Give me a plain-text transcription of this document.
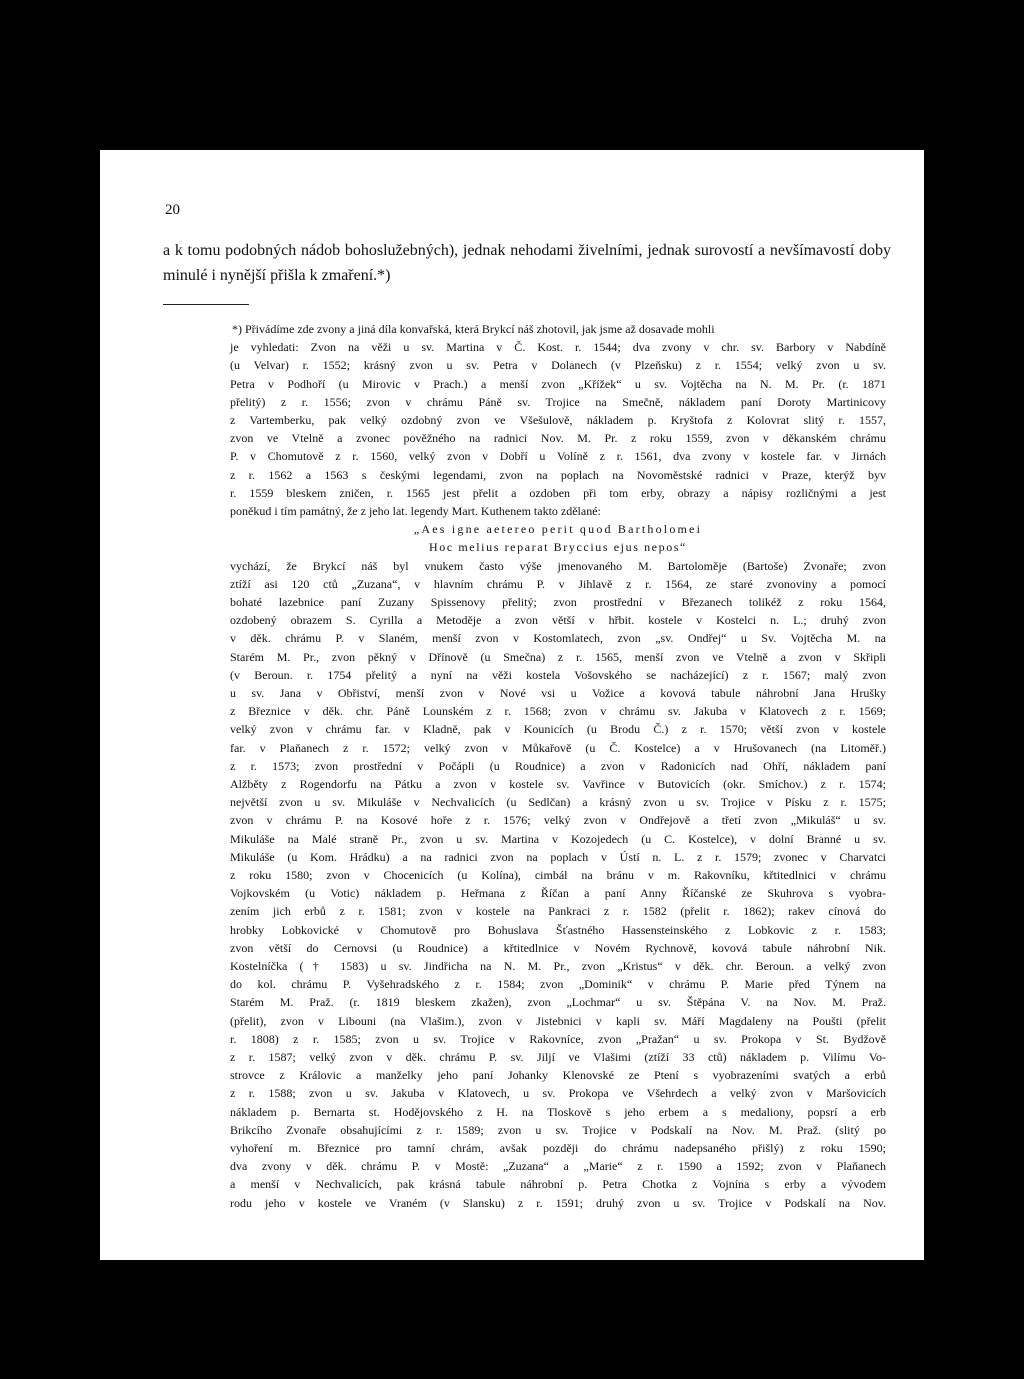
20
a k tomu podobných nádob bohoslužebných), jednak nehodami živelními, jednak surovostí a nevšímavostí doby minulé i nynější přišla k zmaření.*)
*) Přivádíme zde zvony a jiná díla konvařská, která Brykcí náš zhotovil, jak jsme až dosavade mohli
je vyhledati: Zvon na věži u sv. Martina v Č. Kost. r. 1544; dva zvony v chr. sv. Barbory v Nabdíně
(u Velvar) r. 1552; krásný zvon u sv. Petra v Dolanech (v Plzeňsku) z r. 1554; velký zvon u sv.
Petra v Podhoří (u Mirovic v Prach.) a menší zvon „Křížek“ u sv. Vojtěcha na N. M. Pr. (r. 1871
přelitý) z r. 1556; zvon v chrámu Páně sv. Trojice na Smečně, nákladem paní Doroty Martinicovy
z Vartemberku, pak velký ozdobný zvon ve Všešulově, nákladem p. Kryštofa z Kolovrat slitý r. 1557,
zvon ve Vtelně a zvonec pověžného na radnici Nov. M. Pr. z roku 1559, zvon v děkanském chrámu
P. v Chomutově z r. 1560, velký zvon v Dobří u Volíně z r. 1561, dva zvony v kostele far. v Jirnách
z r. 1562 a 1563 s českými legendami, zvon na poplach na Novoměstské radnici v Praze, kterýž byv
r. 1559 bleskem zničen, r. 1565 jest přelit a ozdoben při tom erby, obrazy a nápisy rozličnými a jest
poněkud i tím památný, že z jeho lat. legendy Mart. Kuthenem takto zdělané:
„Aes igne aetereo perit quod Bartholomei
Hoc melius reparat Bryccius ejus nepos“
vychází, že Brykcí náš byl vnukem často výše jmenovaného M. Bartoloměje (Bartoše) Zvonaře; zvon
ztíží asi 120 ctů „Zuzana“, v hlavním chrámu P. v Jihlavě z r. 1564, ze staré zvonoviny a pomocí
bohaté lazebnice paní Zuzany Spissenovy přelitý; zvon prostřední v Březanech tolikéž z roku 1564,
ozdobený obrazem S. Cyrilla a Metoděje a zvon větší v hřbit. kostele v Kostelci n. L.; druhý zvon
v děk. chrámu P. v Slaném, menší zvon v Kostomlatech, zvon „sv. Ondřej“ u Sv. Vojtěcha M. na
Starém M. Pr., zvon pěkný v Dřínově (u Smečna) z r. 1565, menší zvon ve Vtelně a zvon v Skřipli
(v Beroun. r. 1754 přelitý a nyní na věži kostela Vošovského se nacházející) z r. 1567; malý zvon
u sv. Jana v Obřiství, menší zvon v Nové vsi u Vožice a kovová tabule náhrobní Jana Hrušky
z Březnice v děk. chr. Páně Lounském z r. 1568; zvon v chrámu sv. Jakuba v Klatovech z r. 1569;
velký zvon v chrámu far. v Kladně, pak v Kounicích (u Brodu Č.) z r. 1570; větší zvon v kostele
far. v Plaňanech z r. 1572; velký zvon v Můkařově (u Č. Kostelce) a v Hrušovanech (na Litoměř.)
z r. 1573; zvon prostřední v Počápli (u Roudnice) a zvon v Radonicích nad Ohří, nákladem paní
Alžběty z Rogendorfu na Pátku a zvon v kostele sv. Vavřince v Butovicích (okr. Smíchov.) z r. 1574;
největší zvon u sv. Mikuláše v Nechvalicích (u Sedlčan) a krásný zvon u sv. Trojice v Písku z r. 1575;
zvon v chrámu P. na Kosové hoře z r. 1576; velký zvon v Ondřejově a třetí zvon „Mikuláš“ u sv.
Mikuláše na Malé straně Pr., zvon u sv. Martina v Kozojedech (u C. Kostelce), v dolní Branné u sv.
Mikuláše (u Kom. Hrádku) a na radnici zvon na poplach v Ústí n. L. z r. 1579; zvonec v Charvatci
z roku 1580; zvon v Chocenicích (u Kolína), cimbál na bránu v m. Rakovníku, křtitedlnici v chrámu
Vojkovském (u Votic) nákladem p. Heřmana z Říčan a paní Anny Říčanské ze Skuhrova s vyobra-
zením jich erbů z r. 1581; zvon v kostele na Pankraci z r. 1582 (přelit r. 1862); rakev cínová do
hrobky Lobkovické v Chomutově pro Bohuslava Šťastného Hassensteinského z Lobkovic z r. 1583;
zvon větší do Cernovsi (u Roudnice) a křtitedlnice v Novém Rychnově, kovová tabule náhrobní Nik.
Kostelníčka († 1583) u sv. Jindřicha na N. M. Pr., zvon „Kristus“ v děk. chr. Beroun. a velký zvon
do kol. chrámu P. Vyšehradského z r. 1584; zvon „Dominik“ v chrámu P. Marie před Týnem na
Starém M. Praž. (r. 1819 bleskem zkažen), zvon „Lochmar“ u sv. Štěpána V. na Nov. M. Praž.
(přelit), zvon v Libouni (na Vlašim.), zvon v Jistebnici v kapli sv. Máří Magdaleny na Poušti (přelit
r. 1808) z r. 1585; zvon u sv. Trojice v Rakovníce, zvon „Pražan“ u sv. Prokopa v St. Bydžově
z r. 1587; velký zvon v děk. chrámu P. sv. Jiljí ve Vlašimi (ztíží 33 ctů) nákladem p. Vilímu Vo-
strovce z Královic a manželky jeho paní Johanky Klenovské ze Ptení s vyobrazeními svatých a erbů
z r. 1588; zvon u sv. Jakuba v Klatovech, u sv. Prokopa ve Všehrdech a velký zvon v Maršovicích
nákladem p. Bernarta st. Hodějovského z H. na Tloskově s jeho erbem a s medaliony, popsrí a erb
Brikcího Zvonaře obsahujícími z r. 1589; zvon u sv. Trojice v Podskalí na Nov. M. Praž. (slitý po
vyhoření m. Březnice pro tamní chrám, avšak později do chrámu nadepsaného přišlý) z roku 1590;
dva zvony v děk. chrámu P. v Mostě: „Zuzana“ a „Marie“ z r. 1590 a 1592; zvon v Plaňanech
a menší v Nechvalicích, pak krásná tabule náhrobní p. Petra Chotka z Vojnína s erby a vývodem
rodu jeho v kostele ve Vraném (v Slansku) z r. 1591; druhý zvon u sv. Trojice v Podskalí na Nov.
